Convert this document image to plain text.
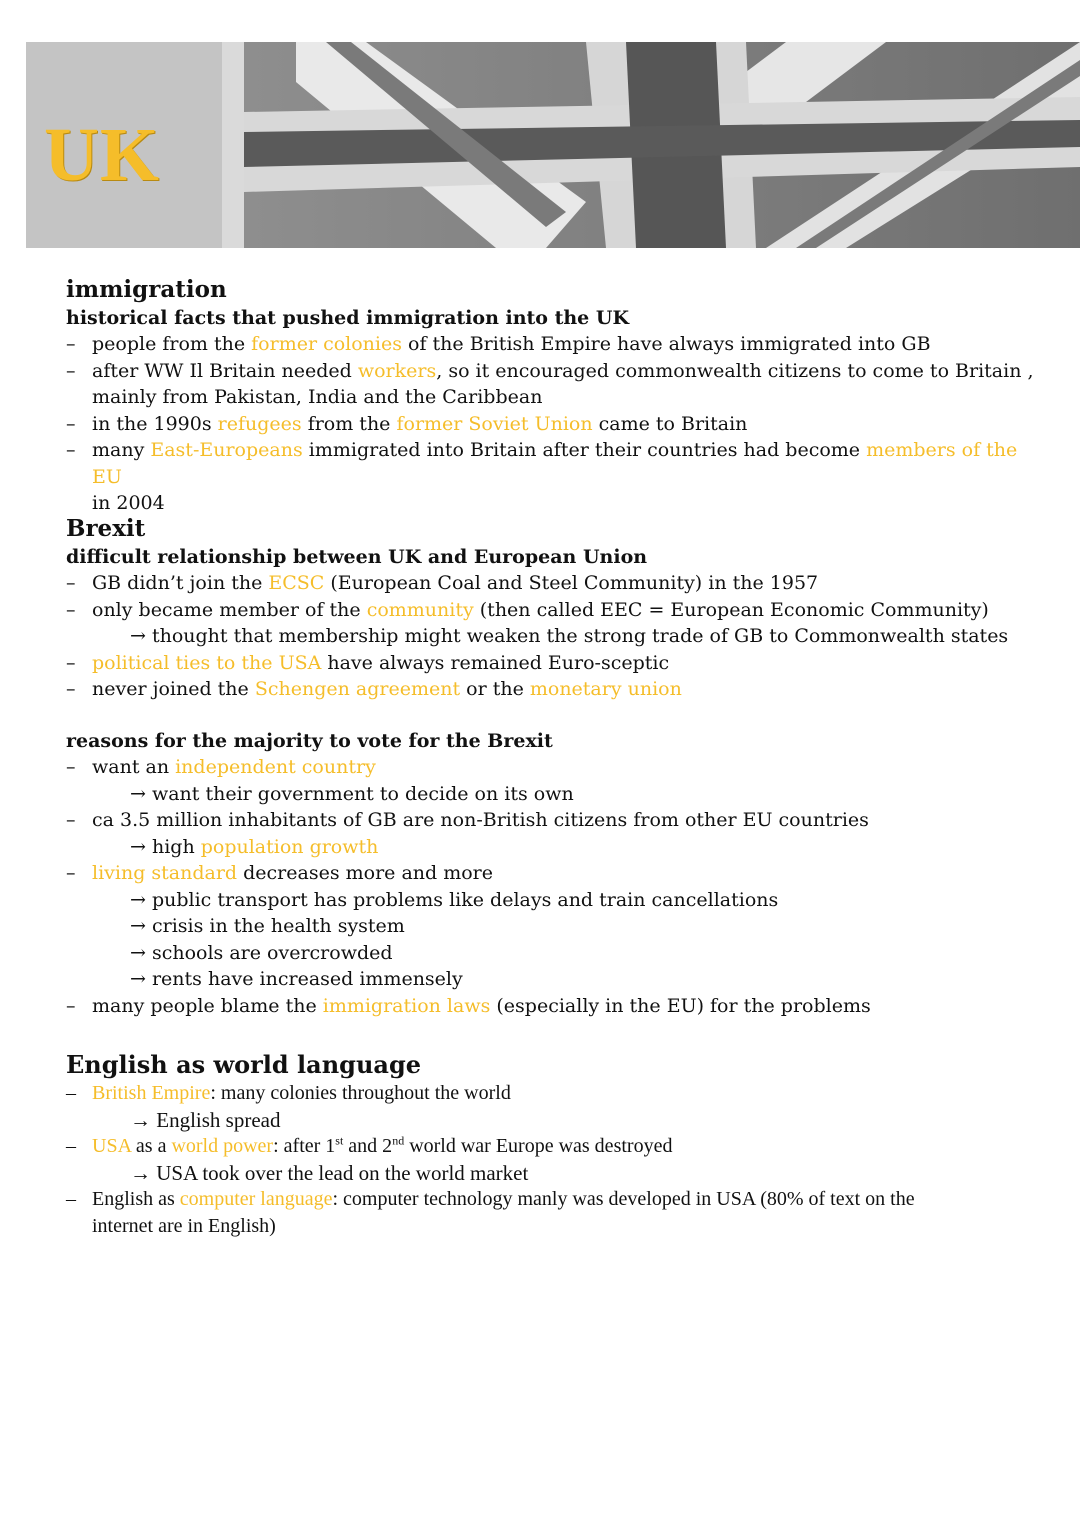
UK
immigration
historical facts that pushed immigration into the UK
– people from the former colonies of the British Empire have always immigrated into GB
– after WW Il Britain needed workers, so it encouraged commonwealth citizens to come to Britain ,
mainly from Pakistan, India and the Caribbean
– in the 1990s refugees from the former Soviet Union came to Britain
– many East-Europeans immigrated into Britain after their countries had become members of the EU
in 2004
Brexit
difficult relationship between UK and European Union
– GB didn’t join the ECSC (European Coal and Steel Community) in the 1957
– only became member of the community (then called EEC = European Economic Community)
→ thought that membership might weaken the strong trade of GB to Commonwealth states
– political ties to the USA have always remained Euro-sceptic
– never joined the Schengen agreement or the monetary union
reasons for the majority to vote for the Brexit
– want an independent country
→ want their government to decide on its own
– ca 3.5 million inhabitants of GB are non-British citizens from other EU countries
→ high population growth
– living standard decreases more and more
→ public transport has problems like delays and train cancellations
→ crisis in the health system
→ schools are overcrowded
→ rents have increased immensely
– many people blame the immigration laws (especially in the EU) for the problems
English as world language
– British Empire: many colonies throughout the world
→ English spread
– USA as a world power: after 1st and 2nd world war Europe was destroyed
→ USA took over the lead on the world market
– English as computer language: computer technology manly was developed in USA (80% of text on the
internet are in English)
